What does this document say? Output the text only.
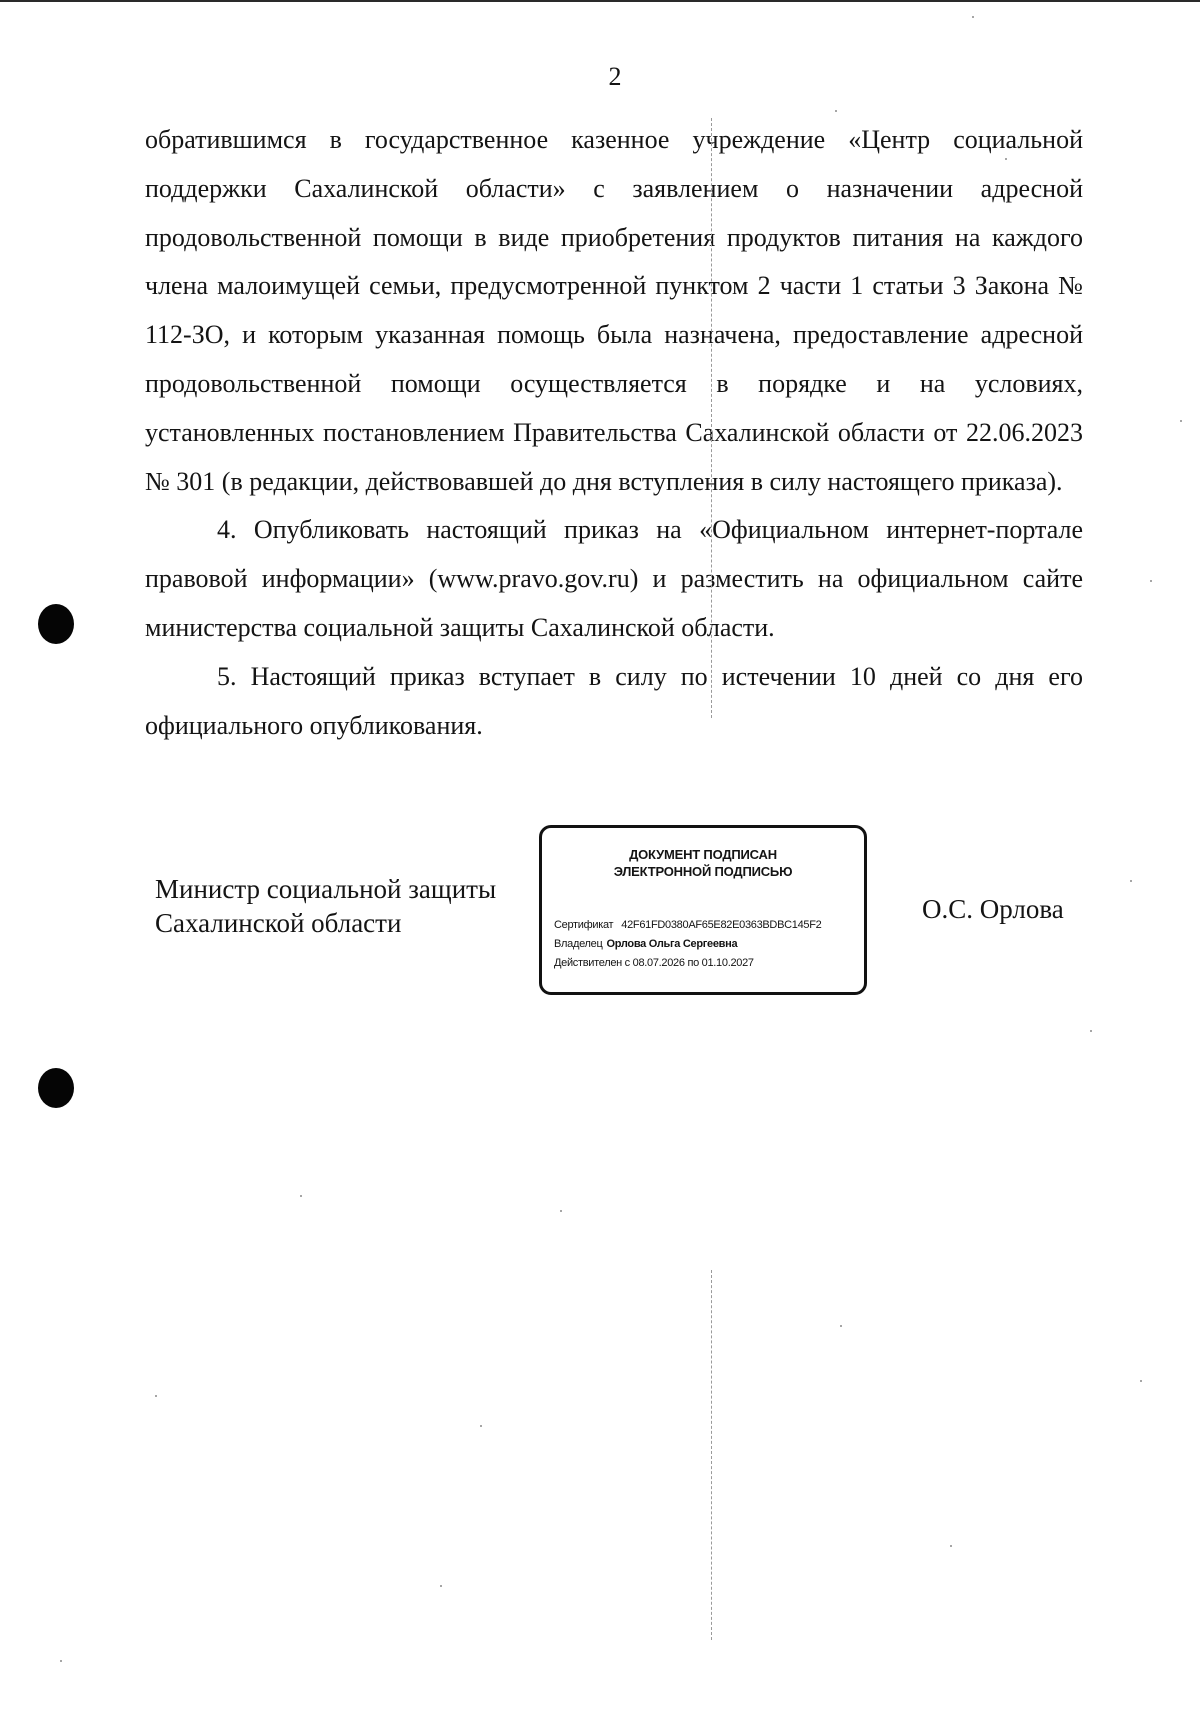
2

обратившимся в государственное казенное учреждение «Центр социальной поддержки Сахалинской области» с заявлением о назначении адресной продовольственной помощи в виде приобретения продуктов питания на каждого члена малоимущей семьи, предусмотренной пунктом 2 части 1 статьи 3 Закона № 112-ЗО, и которым указанная помощь была назначена, предоставление адресной продовольственной помощи осуществляется в порядке и на условиях, установленных постановлением Правительства Сахалинской области от 22.06.2023 № 301 (в редакции, действовавшей до дня вступления в силу настоящего приказа).

4. Опубликовать настоящий приказ на «Официальном интернет-портале правовой информации» (www.pravo.gov.ru) и разместить на официальном сайте министерства социальной защиты Сахалинской области.

5. Настоящий приказ вступает в силу по истечении 10 дней со дня его официального опубликования.

Министр социальной защиты
Сахалинской области
ДОКУМЕНТ ПОДПИСАН
ЭЛЕКТРОННОЙ ПОДПИСЬЮ
Сертификат 42F61FD0380AF65E82E0363BDBC145F2
Владелец Орлова Ольга Сергеевна
Действителен с 08.07.2026 по 01.10.2027
О.С. Орлова
